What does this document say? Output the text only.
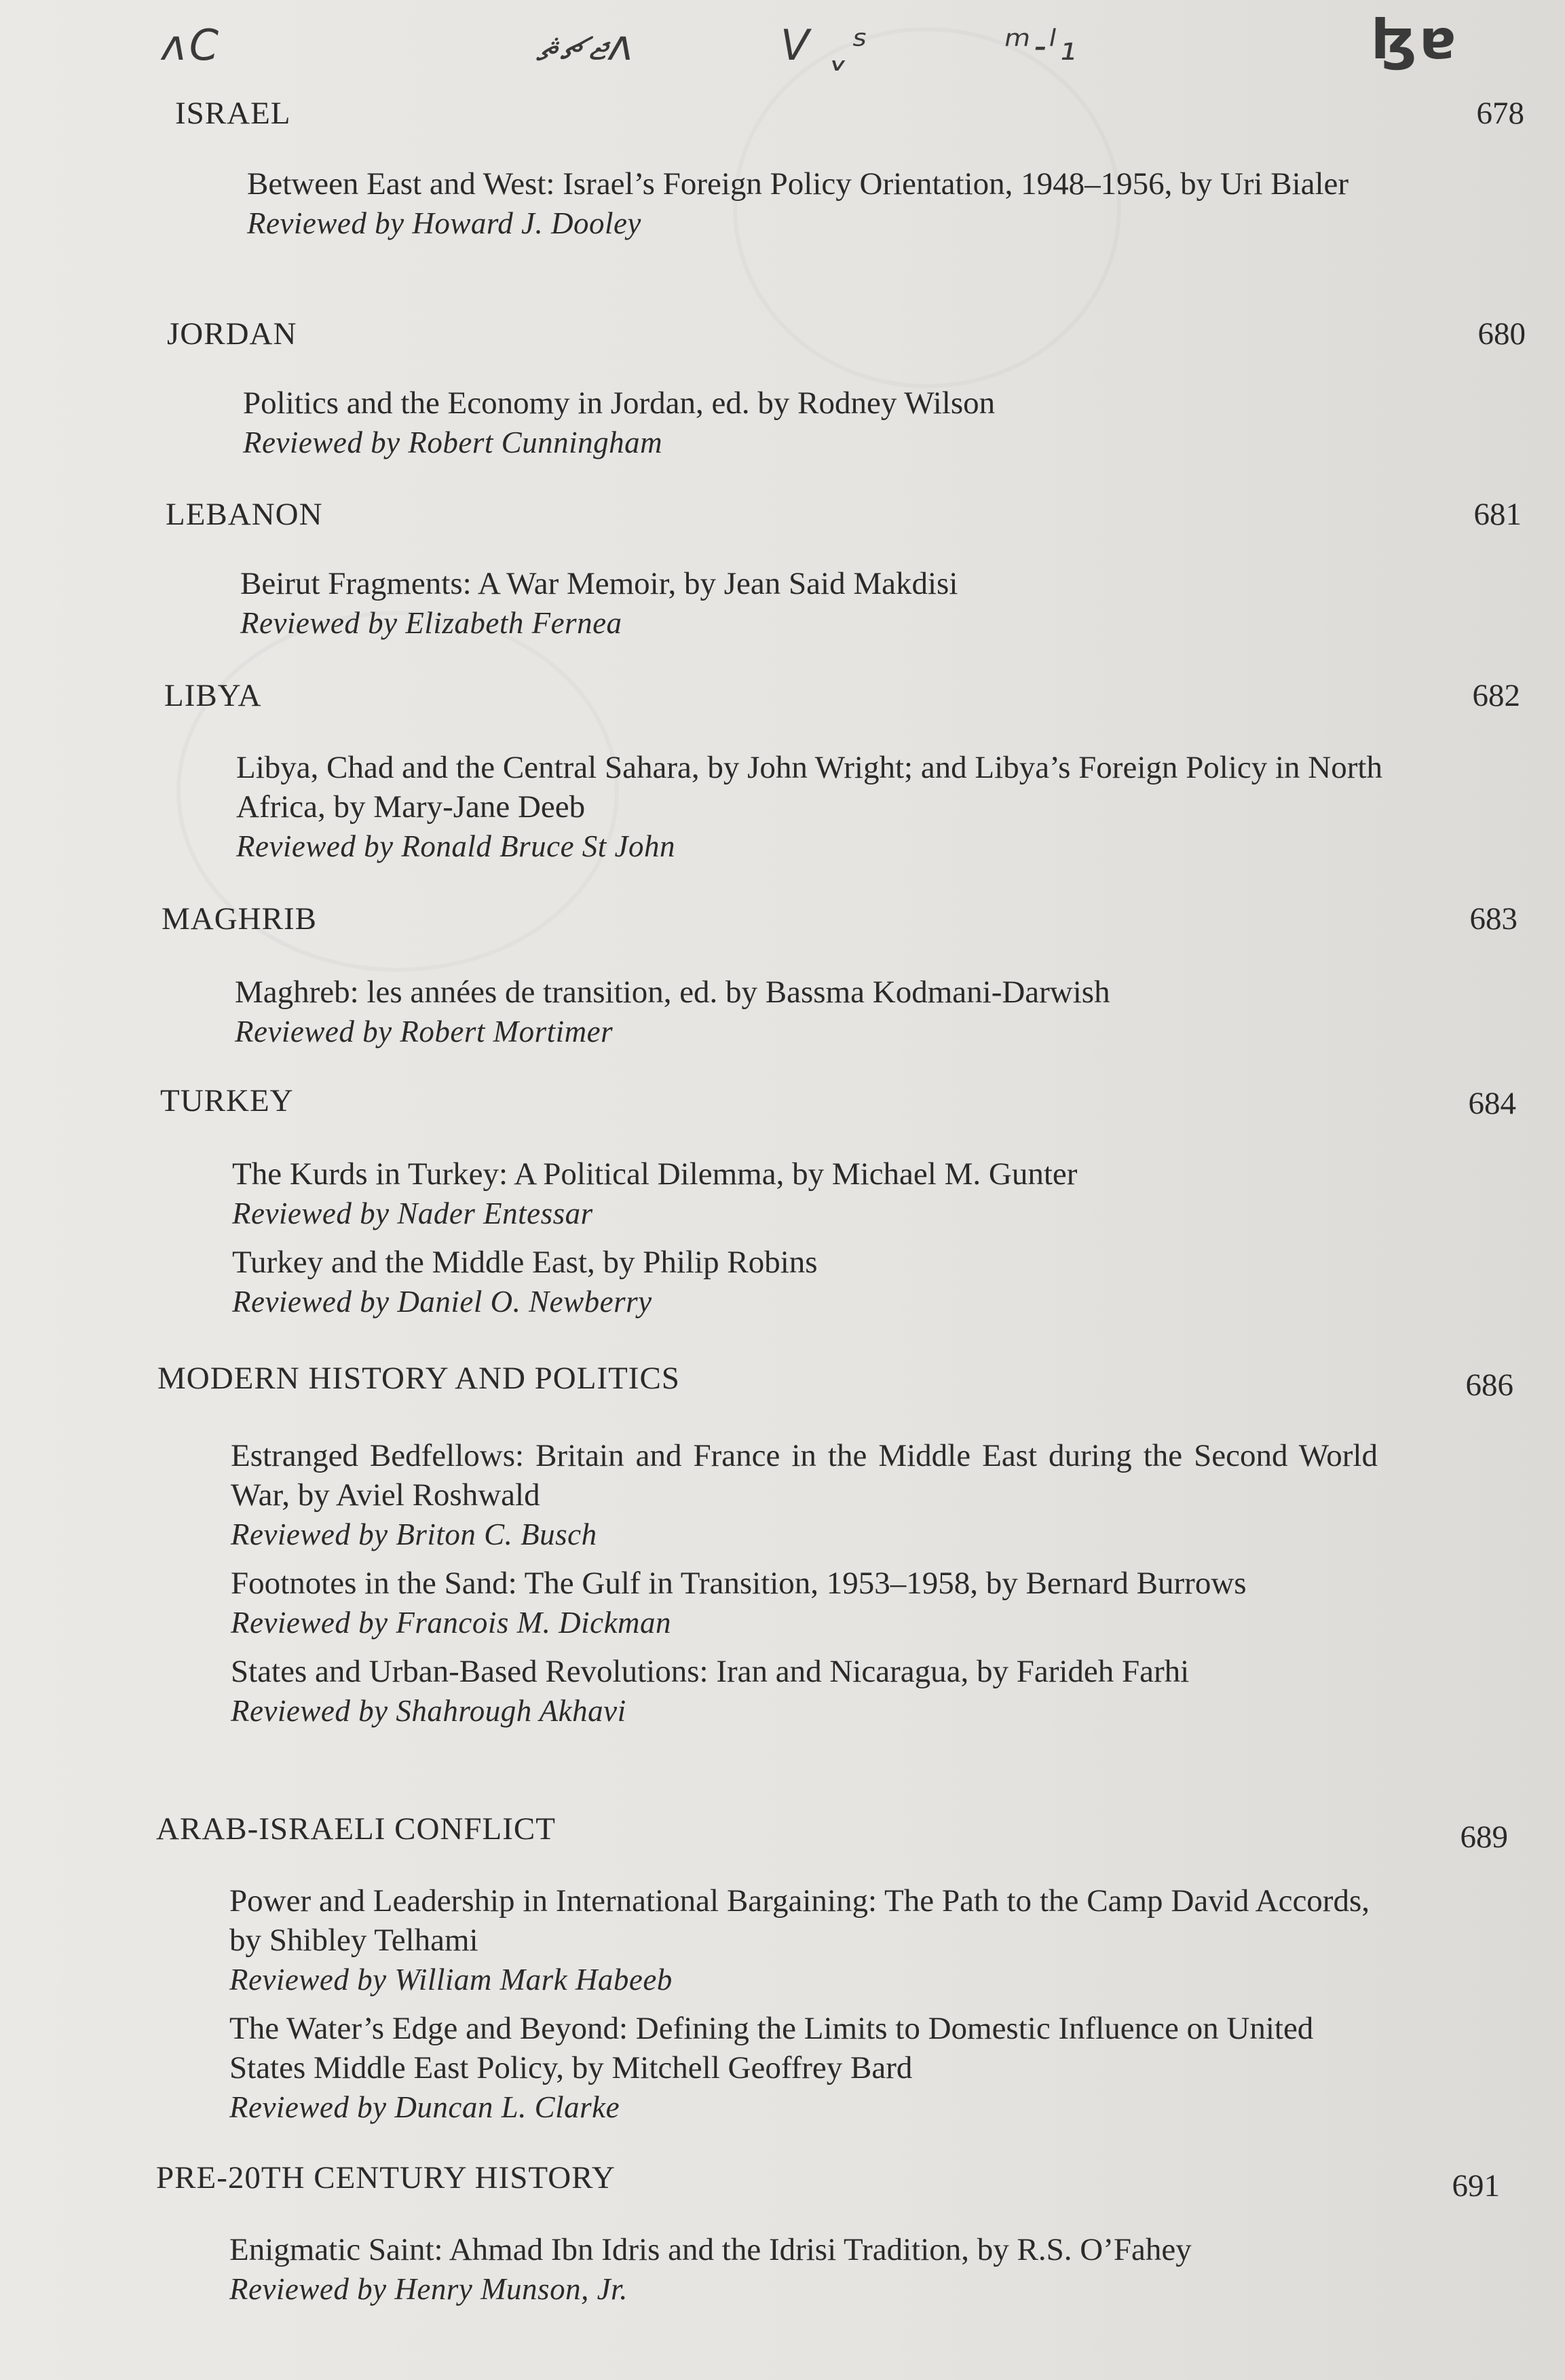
ʌС	ޖޗޘʌ	V ˬˢ	ᵐ˗ˡ₁	ɮɐ
ISRAEL	678
Between East and West: Israel’s Foreign Policy Orientation, 1948–1956, by Uri Bialer
Reviewed by Howard J. Dooley
JORDAN	680
Politics and the Economy in Jordan, ed. by Rodney Wilson
Reviewed by Robert Cunningham
LEBANON	681
Beirut Fragments: A War Memoir, by Jean Said Makdisi
Reviewed by Elizabeth Fernea
LIBYA	682
Libya, Chad and the Central Sahara, by John Wright; and Libya’s Foreign Policy in North Africa, by Mary-Jane Deeb
Reviewed by Ronald Bruce St John
MAGHRIB	683
Maghreb: les années de transition, ed. by Bassma Kodmani-Darwish
Reviewed by Robert Mortimer
TURKEY	684
The Kurds in Turkey: A Political Dilemma, by Michael M. Gunter
Reviewed by Nader Entessar
Turkey and the Middle East, by Philip Robins
Reviewed by Daniel O. Newberry
MODERN HISTORY AND POLITICS	686
Estranged Bedfellows: Britain and France in the Middle East during the Second World War, by Aviel Roshwald
Reviewed by Briton C. Busch
Footnotes in the Sand: The Gulf in Transition, 1953–1958, by Bernard Burrows
Reviewed by Francois M. Dickman
States and Urban-Based Revolutions: Iran and Nicaragua, by Farideh Farhi
Reviewed by Shahrough Akhavi
ARAB-ISRAELI CONFLICT	689
Power and Leadership in International Bargaining: The Path to the Camp David Accords, by Shibley Telhami
Reviewed by William Mark Habeeb
The Water’s Edge and Beyond: Defining the Limits to Domestic Influence on United States Middle East Policy, by Mitchell Geoffrey Bard
Reviewed by Duncan L. Clarke
PRE-20TH CENTURY HISTORY	691
Enigmatic Saint: Ahmad Ibn Idris and the Idrisi Tradition, by R.S. O’Fahey
Reviewed by Henry Munson, Jr.
